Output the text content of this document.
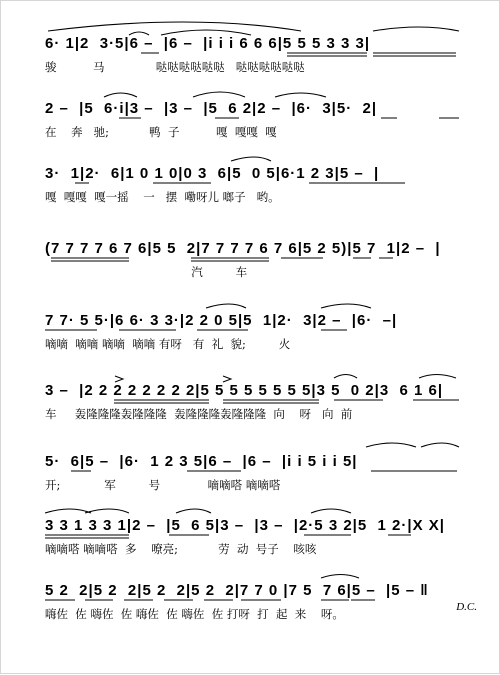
6· 1|2  3·5|6 –  |6 –  |i i i 6 6 6|5 5 5 3 3 3|
骏          马              哒哒哒哒哒哒   哒哒哒哒哒哒
2 –  |5  6·i|3 –  |3 –  |5  6 2|2 –  |6·  3|5·  2|
在    奔   驰;           鸭  子          嘎  嘎嘎  嘎
3·  1|2·  6|1 0 1 0|0 3  6|5  0 5|6·1 2 3|5 –  |
嘎  嘎嘎  嘎一摇    一   摆  嘞呀儿 啷子   哟。
(7 7 7 7 6 7 6|5 5  2|7 7 7 7 6 7 6|5 2 5)|5 7  1|2 –  |
汽         车
7 7· 5 5·|6 6· 3 3·|2 2 0 5|5  1|2·  3|2 –  |6·  –|
嘀嘀  嘀嘀 嘀嘀  嘀嘀 有呀   有  礼  貌;         火
3 –  |2 2 2 2 2 2 2 2|5 5 5 5 5 5 5 5|3 5  0 2|3  6 1 6|
车     轰隆隆隆轰隆隆隆  轰隆隆隆轰隆隆隆  向    呀   向  前
5·  6|5 –  |6·  1 2 3 5|6 –  |6 –  |i i 5 i i 5|
开;            军         号             嘀嘀嗒 嘀嘀嗒
3 3 1 3 3 1|2 –  |5  6 5|3 –  |3 –  |2·5 3 2|5  1 2·|X X|
嘀嘀嗒 嘀嘀嗒  多    嘹亮;           劳  动  号子    咳咳
5 2  2|5 2  2|5 2  2|5 2  2|7 7 0 |7 5  7 6|5 –  |5 – ‖
嗨佐  佐 嗨佐  佐 嗨佐  佐 嗨佐  佐 打呀  打  起  来    呀。	D.C.
